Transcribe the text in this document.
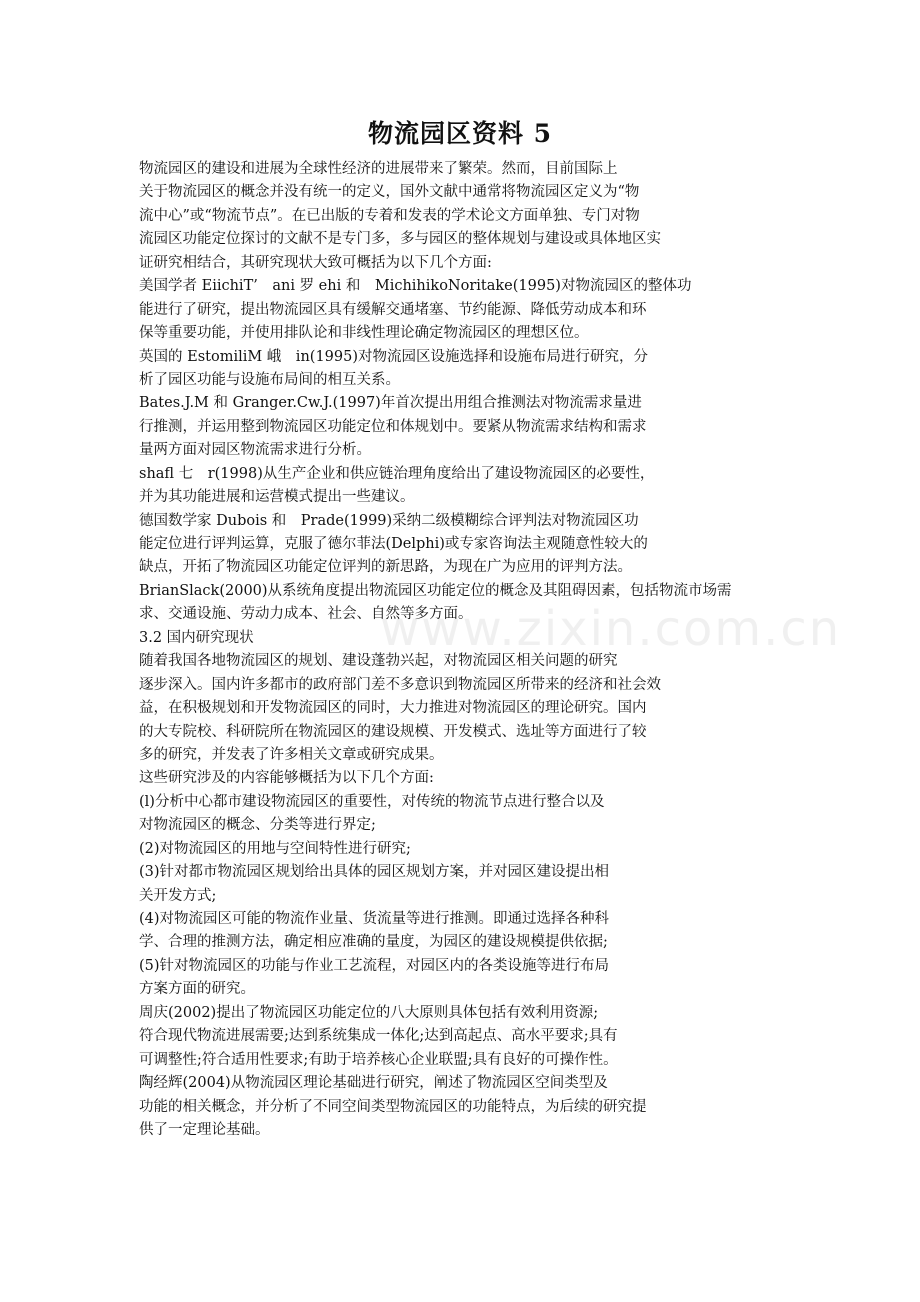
物流园区资料 5
物流园区的建设和进展为全球性经济的进展带来了繁荣。然而，目前国际上
关于物流园区的概念并没有统一的定义，国外文献中通常将物流园区定义为“物
流中心”或“物流节点”。在已出版的专着和发表的学术论文方面单独、专门对物
流园区功能定位探讨的文献不是专门多，多与园区的整体规划与建设或具体地区实
证研究相结合，其研究现状大致可概括为以下几个方面:
美国学者 EiichiT’　ani 罗 ehi 和　MichihikoNoritake(1995)对物流园区的整体功
能进行了研究，提出物流园区具有缓解交通堵塞、节约能源、降低劳动成本和环
保等重要功能，并使用排队论和非线性理论确定物流园区的理想区位。
英国的 EstomiliM 峨　in(1995)对物流园区设施选择和设施布局进行研究，分
析了园区功能与设施布局间的相互关系。
Bates.J.M 和 Granger.Cw.J.(1997)年首次提出用组合推测法对物流需求量进
行推测，并运用整到物流园区功能定位和体规划中。要紧从物流需求结构和需求
量两方面对园区物流需求进行分析。
shafl 七　r(1998)从生产企业和供应链治理角度给出了建设物流园区的必要性，
并为其功能进展和运营模式提出一些建议。
德国数学家 Dubois 和　Prade(1999)采纳二级模糊综合评判法对物流园区功
能定位进行评判运算，克服了德尔菲法(Delphi)或专家咨询法主观随意性较大的
缺点，开拓了物流园区功能定位评判的新思路，为现在广为应用的评判方法。
BrianSlack(2000)从系统角度提出物流园区功能定位的概念及其阻碍因素，包括物流市场需
求、交通设施、劳动力成本、社会、自然等多方面。
3.2 国内研究现状
随着我国各地物流园区的规划、建设蓬勃兴起，对物流园区相关问题的研究
逐步深入。国内许多都市的政府部门差不多意识到物流园区所带来的经济和社会效
益，在积极规划和开发物流园区的同时，大力推进对物流园区的理论研究。国内
的大专院校、科研院所在物流园区的建设规模、开发模式、选址等方面进行了较
多的研究，并发表了许多相关文章或研究成果。
这些研究涉及的内容能够概括为以下几个方面:
(l)分析中心都市建设物流园区的重要性，对传统的物流节点进行整合以及
对物流园区的概念、分类等进行界定;
(2)对物流园区的用地与空间特性进行研究;
(3)针对都市物流园区规划给出具体的园区规划方案，并对园区建设提出相
关开发方式;
(4)对物流园区可能的物流作业量、货流量等进行推测。即通过选择各种科
学、合理的推测方法，确定相应准确的量度，为园区的建设规模提供依据;
(5)针对物流园区的功能与作业工艺流程，对园区内的各类设施等进行布局
方案方面的研究。
周庆(2002)提出了物流园区功能定位的八大原则具体包括有效利用资源;
符合现代物流进展需要;达到系统集成一体化;达到高起点、高水平要求;具有
可调整性;符合适用性要求;有助于培养核心企业联盟;具有良好的可操作性。
陶经辉(2004)从物流园区理论基础进行研究，阐述了物流园区空间类型及
功能的相关概念，并分析了不同空间类型物流园区的功能特点，为后续的研究提
供了一定理论基础。
www.zixin.com.cn
